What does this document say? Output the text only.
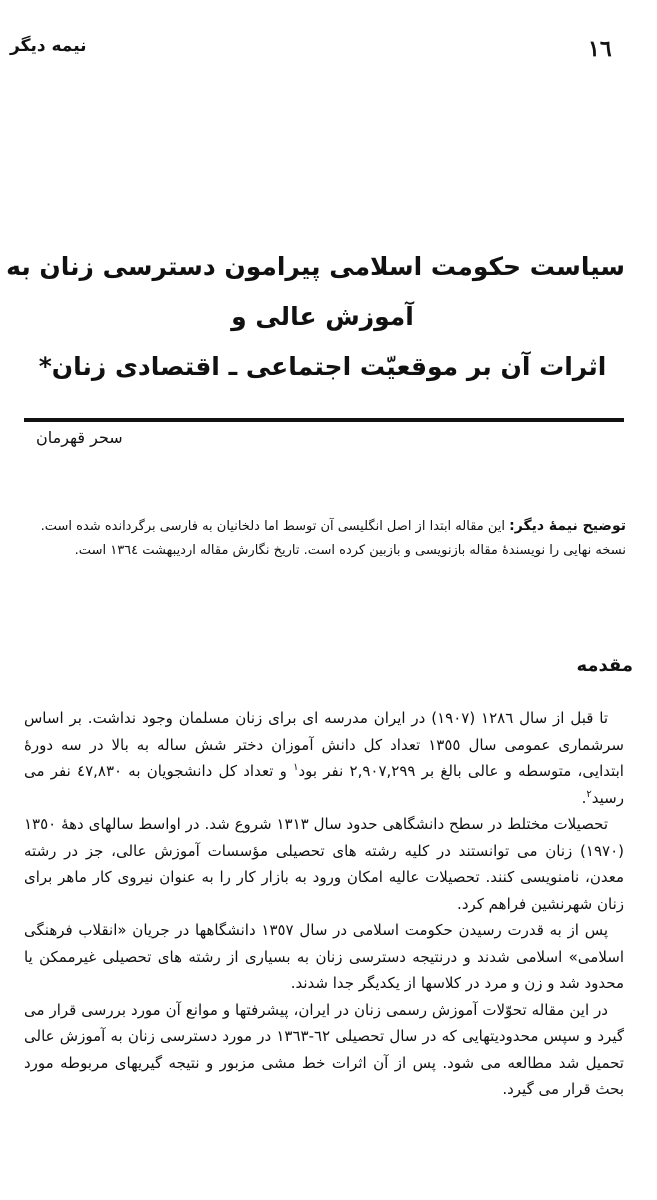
١٦
نیمه دیگر
سیاست حکومت اسلامی پیرامون دسترسی زنان به
آموزش عالی و
اثرات آن بر موقعیّت اجتماعی ـ اقتصادی زنان*
سحر قهرمان
توضیح نیمهٔ دیگر: این مقاله ابتدا از اصل انگلیسی آن توسط اما دلخانیان به فارسی برگردانده شده است. نسخه نهایی را نویسندهٔ مقاله بازنویسی و بازبین کرده است. تاریخ نگارش مقاله اردیبهشت ١٣٦٤ است.
مقدمه

تا قبل از سال ١٢٨٦ (١٩٠٧) در ایران مدرسه ای برای زنان مسلمان وجود نداشت. بر اساس سرشماری عمومی سال ١٣٥٥ تعداد کل دانش آموزان دختر شش ساله به بالا در سه دورهٔ ابتدایی، متوسطه و عالی بالغ بر ٢,٩٠٧,٢٩٩ نفر بود$^١$ و تعداد کل دانشجویان به ٤٧,٨٣٠ نفر می رسید$^٢$.

تحصیلات مختلط در سطح دانشگاهی حدود سال ١٣١٣ شروع شد. در اواسط سالهای دههٔ ١٣٥٠ (١٩٧٠) زنان می توانستند در کلیه رشته های تحصیلی مؤسسات آموزش عالی، جز در رشته معدن، نامنویسی کنند. تحصیلات عالیه امکان ورود به بازار کار را به عنوان نیروی کار ماهر برای زنان شهرنشین فراهم کرد.

پس از به قدرت رسیدن حکومت اسلامی در سال ١٣٥٧ دانشگاهها در جریان «انقلاب فرهنگی اسلامی» اسلامی شدند و درنتیجه دسترسی زنان به بسیاری از رشته های تحصیلی غیرممکن یا محدود شد و زن و مرد در کلاسها از یکدیگر جدا شدند.

در این مقاله تحوّلات آموزش رسمی زنان در ایران، پیشرفتها و موانع آن مورد بررسی قرار می گیرد و سپس محدودیتهایی که در سال تحصیلی ٦٢-١٣٦٣ در مورد دسترسی زنان به آموزش عالی تحمیل شد مطالعه می شود. پس از آن اثرات خط مشی مزبور و نتیجه گیریهای مربوطه مورد بحث قرار می گیرد.
